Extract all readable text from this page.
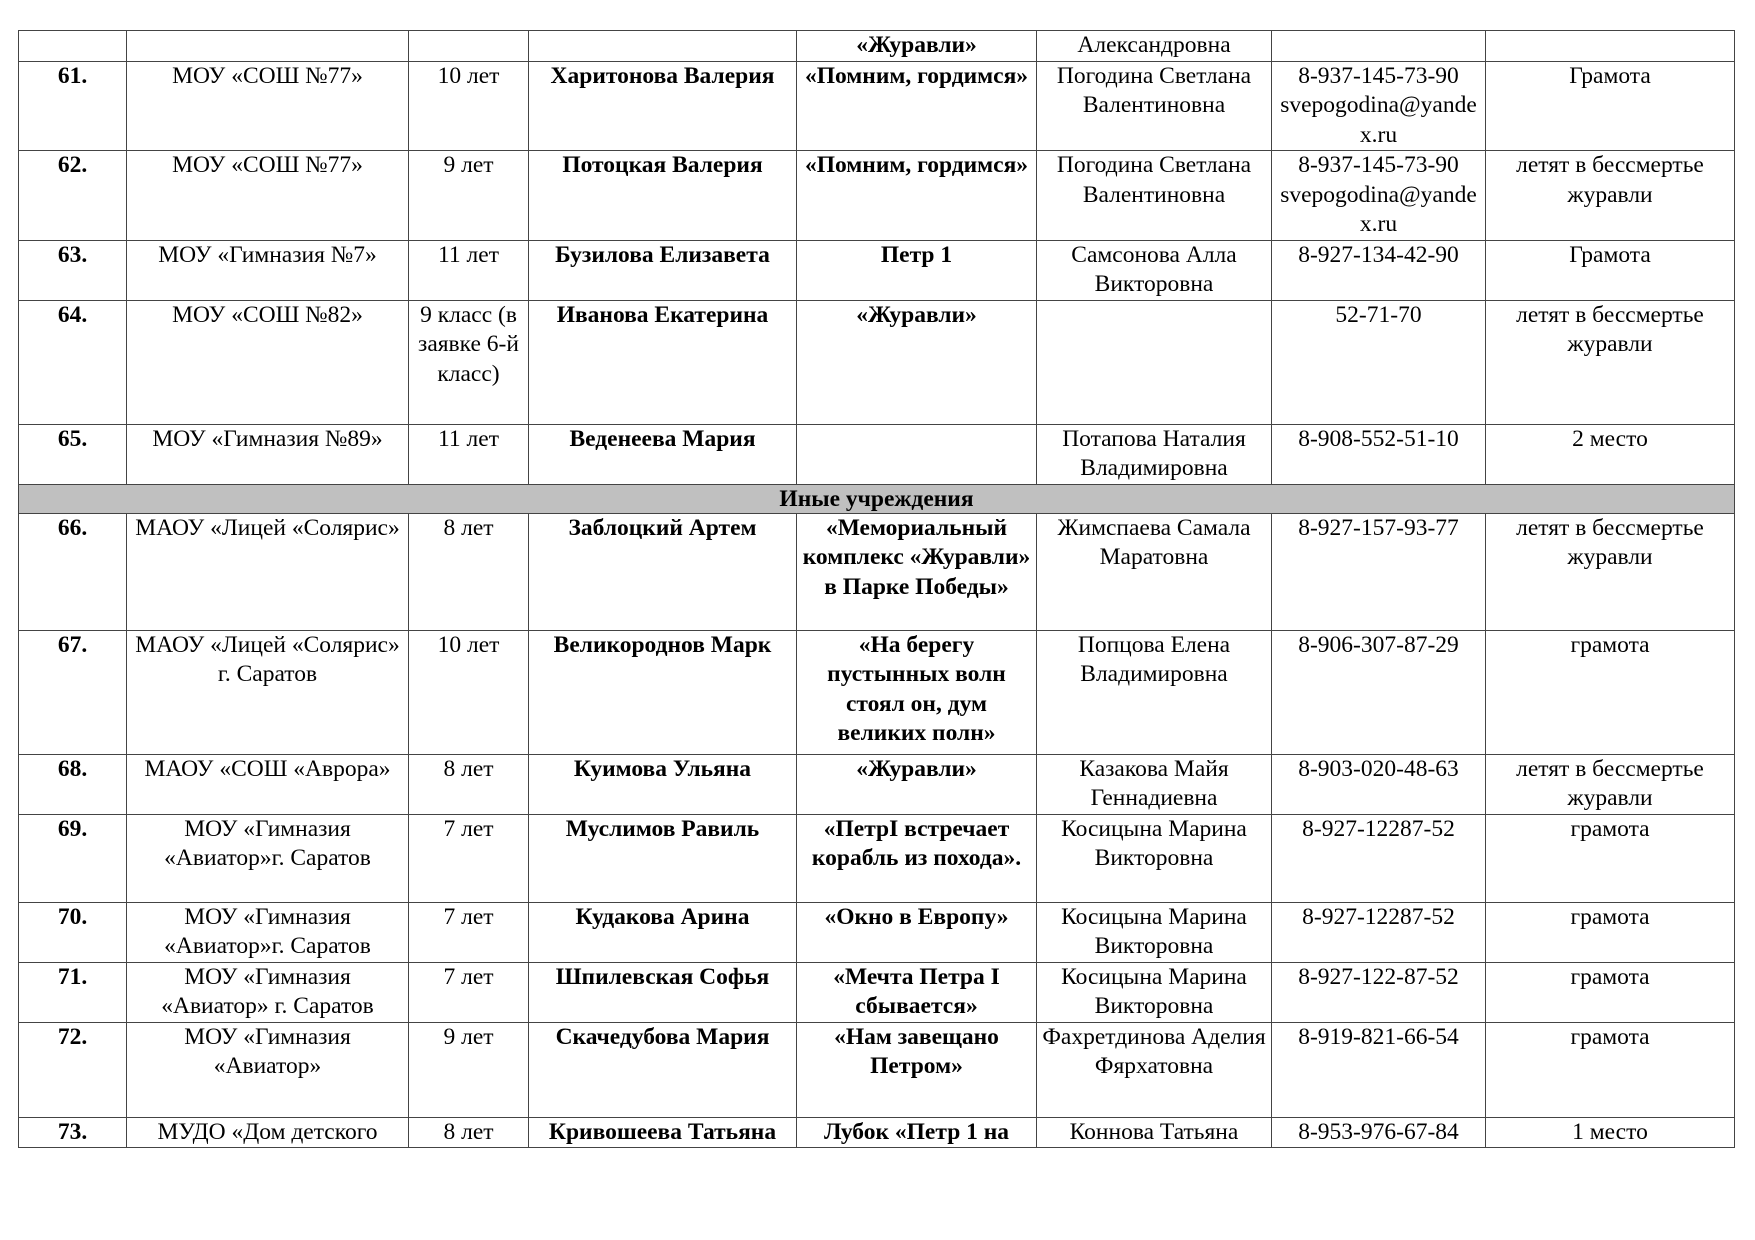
				«Журавли»	Александровна		
61.	МОУ «СОШ №77»	10 лет	Харитонова Валерия	«Помним, гордимся»	Погодина Светлана Валентиновна	8-937-145-73-90 svepogodina@yandex.ru	Грамота
62.	МОУ «СОШ №77»	9 лет	Потоцкая Валерия	«Помним, гордимся»	Погодина Светлана Валентиновна	8-937-145-73-90 svepogodina@yandex.ru	летят в бессмертье журавли
63.	МОУ «Гимназия №7»	11 лет	Бузилова Елизавета	Петр 1	Самсонова Алла Викторовна	8-927-134-42-90	Грамота
64.	МОУ «СОШ №82»	9 класс (в заявке 6-й класс)	Иванова Екатерина	«Журавли»		52-71-70	летят в бессмертье журавли
65.	МОУ «Гимназия №89»	11 лет	Веденеева Мария		Потапова Наталия Владимировна	8-908-552-51-10	2 место
Иные учреждения							
66.	МАОУ «Лицей «Солярис»	8 лет	Заблоцкий Артем	«Мемориальный комплекс «Журавли» в Парке Победы»	Жимспаева Самала Маратовна	8-927-157-93-77	летят в бессмертье журавли
67.	МАОУ «Лицей «Солярис» г. Саратов	10 лет	Великороднов Марк	«На берегу пустынных волн стоял он, дум великих полн»	Попцова Елена Владимировна	8-906-307-87-29	грамота
68.	МАОУ «СОШ «Аврора»	8 лет	Куимова Ульяна	«Журавли»	Казакова Майя Геннадиевна	8-903-020-48-63	летят в бессмертье журавли
69.	МОУ «Гимназия «Авиатор»г. Саратов	7 лет	Муслимов Равиль	«ПетрI встречает корабль из похода».	Косицына Марина Викторовна	8-927-12287-52	грамота
70.	МОУ «Гимназия «Авиатор»г. Саратов	7 лет	Кудакова Арина	«Окно в Европу»	Косицына Марина Викторовна	8-927-12287-52	грамота
71.	МОУ «Гимназия «Авиатор» г. Саратов	7 лет	Шпилевская Софья	«Мечта Петра I сбывается»	Косицына Марина Викторовна	8-927-122-87-52	грамота
72.	МОУ «Гимназия «Авиатор»	9 лет	Скачедубова Мария	«Нам завещано Петром»	Фахретдинова Аделия Фярхатовна	8-919-821-66-54	грамота
73.	МУДО «Дом детского	8 лет	Кривошеева Татьяна	Лубок «Петр 1 на	Коннова Татьяна	8-953-976-67-84	1 место
